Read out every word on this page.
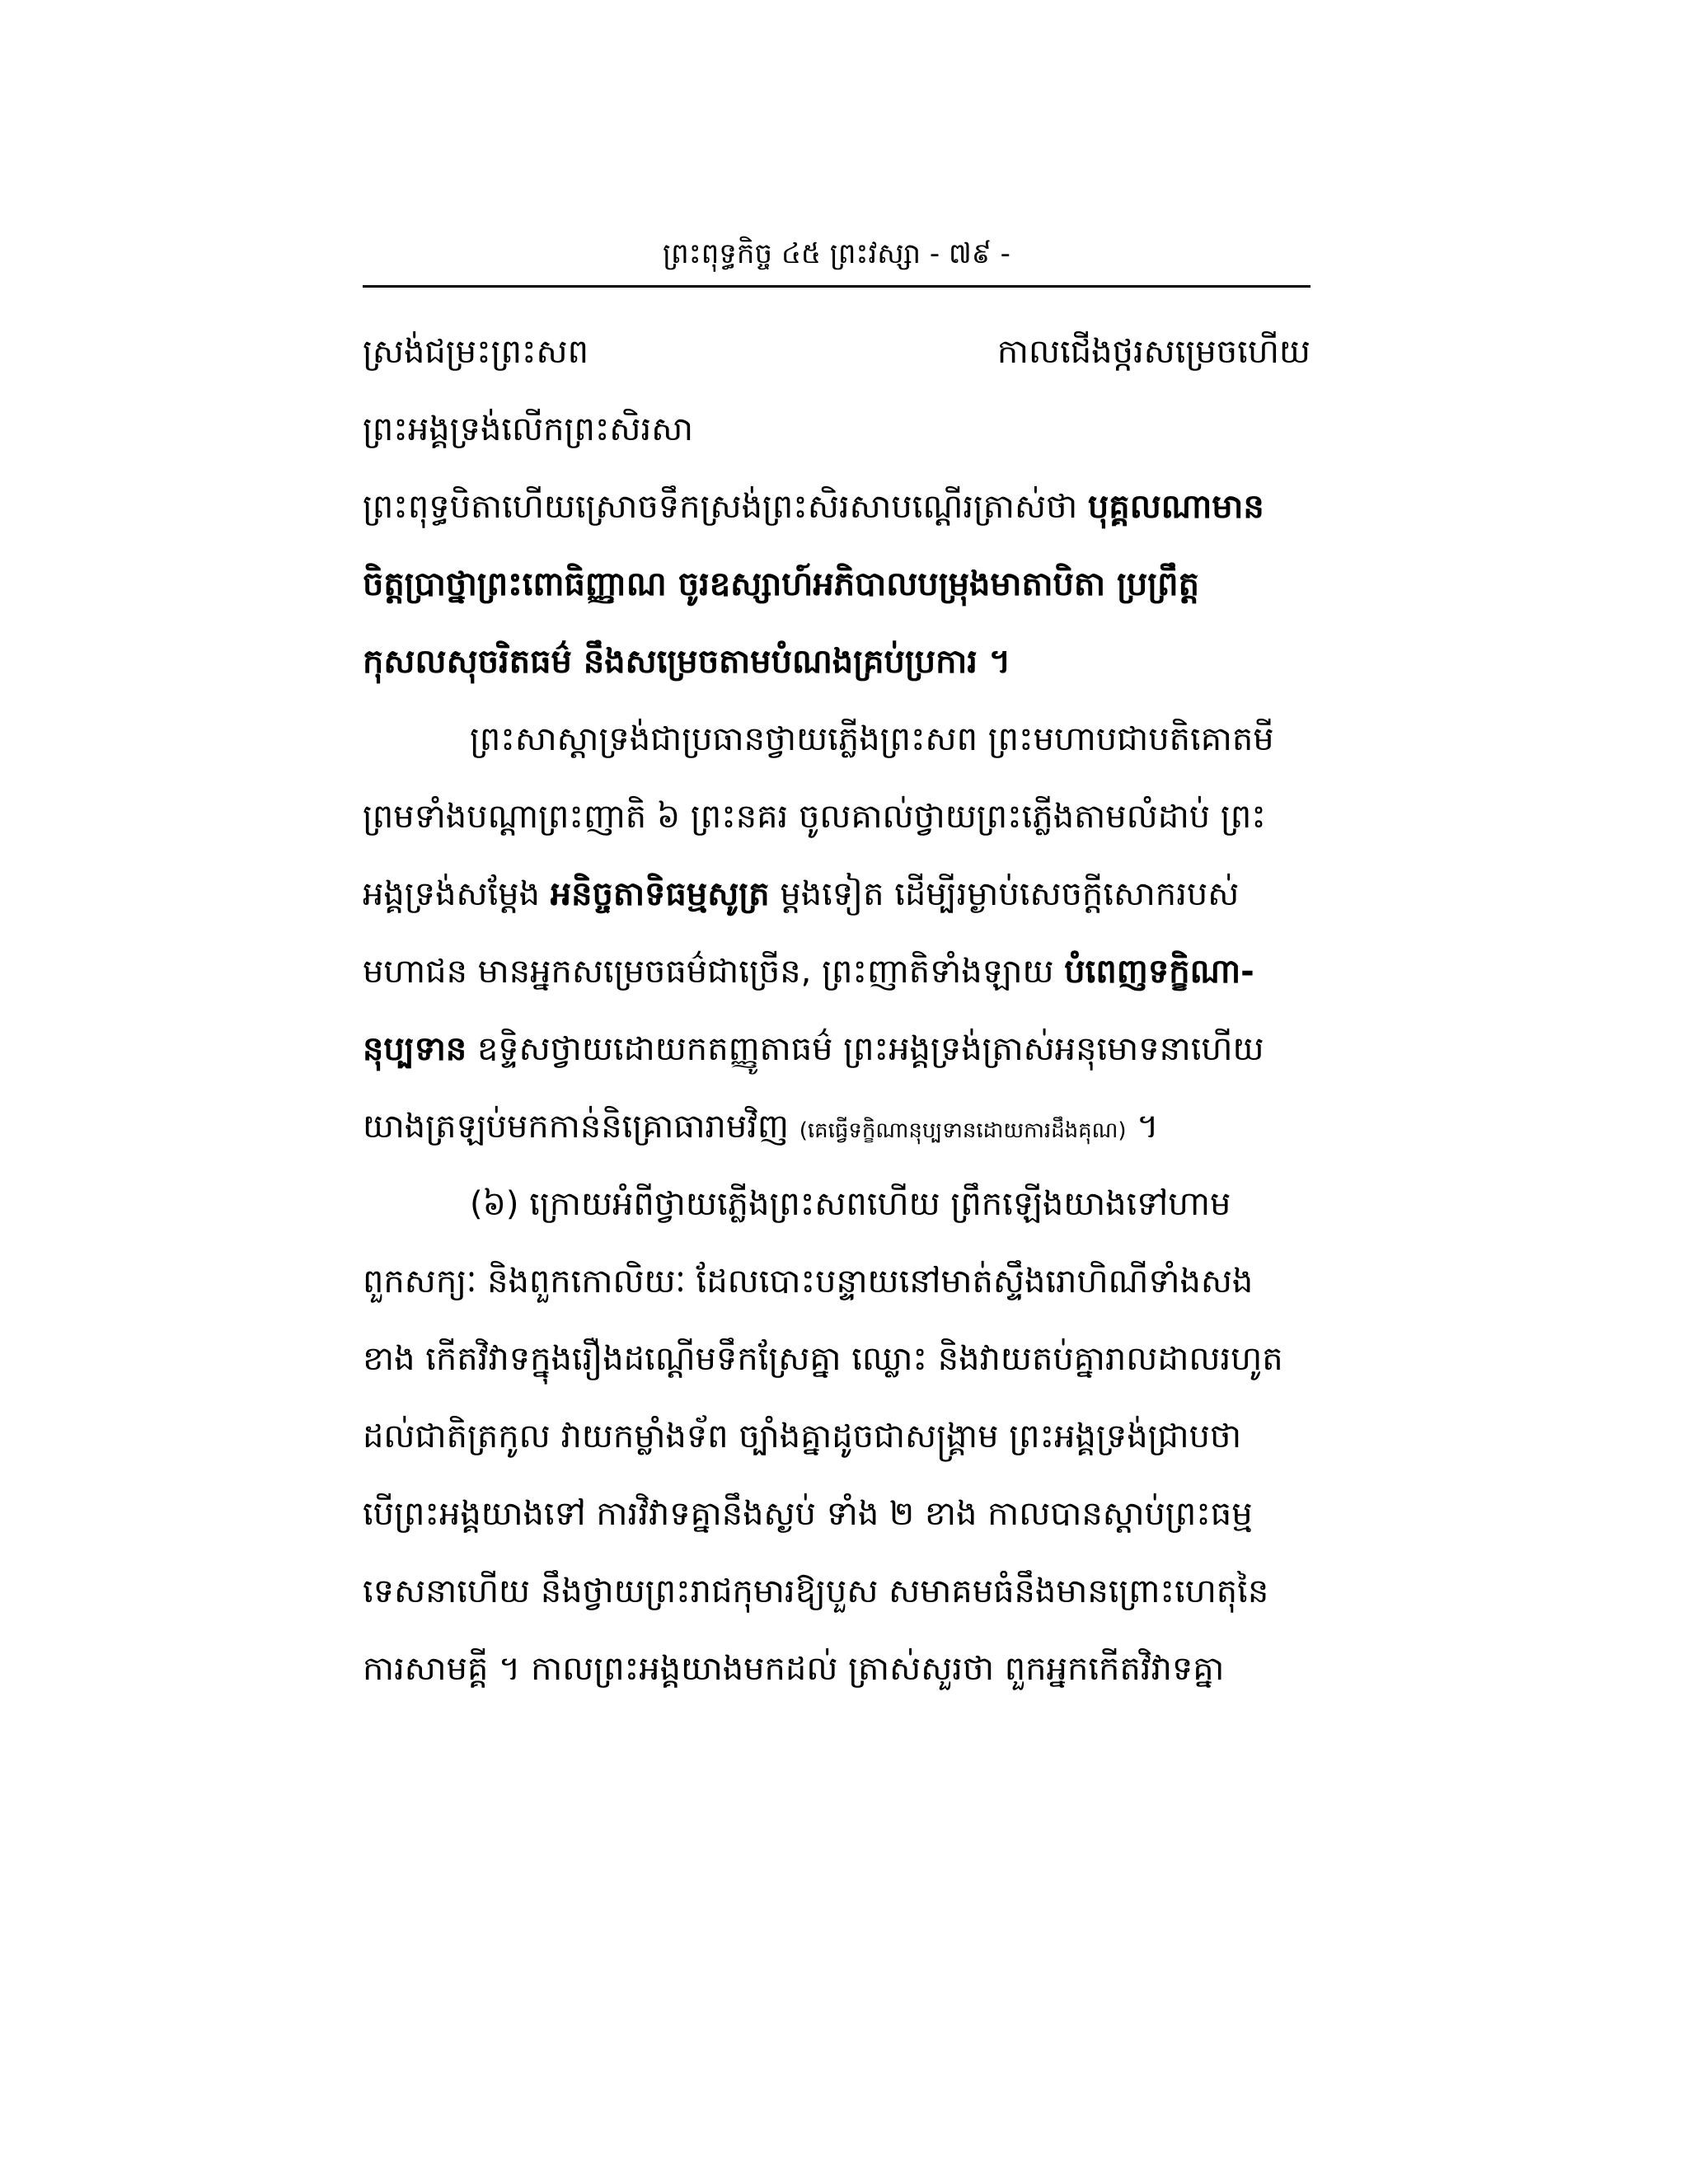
ព្រះពុទ្ធកិច្ច ៤៥ ព្រះវស្សា - ៧៩ -
ស្រង់ជម្រះព្រះសព	កាលជើងថ្ករសម្រេចហើយ
ព្រះអង្គទ្រង់លើកព្រះសិរសា
ព្រះពុទ្ធបិតាហើយស្រោចទឹកស្រង់ព្រះសិរសាបណ្ដើរត្រាស់ថា បុគ្គលណាមាន
ចិត្តប្រាថ្នាព្រះពោធិញ្ញាណ ចូរឧស្សាហ៍អភិបាលបម្រុងមាតាបិតា ប្រព្រឹត្ត
កុសលសុចរិតធម៌ នឹងសម្រេចតាមបំណងគ្រប់ប្រការ ។
ព្រះសាស្ដាទ្រង់ជាប្រធានថ្វាយភ្លើងព្រះសព ព្រះមហាបជាបតិគោតមី
ព្រមទាំងបណ្ដាព្រះញាតិ ៦ ព្រះនគរ ចូលគាល់ថ្វាយព្រះភ្លើងតាមលំដាប់ ព្រះ
អង្គទ្រង់សម្ដែង អនិច្ចតាទិធម្មសូត្រ ម្ដងទៀត ដើម្បីរម្ងាប់សេចក្ដីសោករបស់
មហាជន មានអ្នកសម្រេចធម៌ជាច្រើន, ព្រះញាតិទាំងឡាយ បំពេញទក្ខិណា-
នុប្បទាន ឧទ្ទិសថ្វាយដោយកតញ្ញូតាធម៌ ព្រះអង្គទ្រង់ត្រាស់អនុមោទនាហើយ
យាងត្រឡប់មកកាន់និគ្រោធារាមវិញ (គេធ្វើទក្ខិណានុប្បទានដោយការដឹងគុណ) ។
(៦) ក្រោយអំពីថ្វាយភ្លើងព្រះសពហើយ ព្រឹកឡើងយាងទៅហាម
ពួកសក្យៈ និងពួកកោលិយៈ ដែលបោះបន្ទាយនៅមាត់ស្ទឹងរោហិណីទាំងសង
ខាង កើតវិវាទក្នុងរឿងដណ្ដើមទឹកស្រែគ្នា ឈ្លោះ និងវាយតប់គ្នារាលដាលរហូត
ដល់ជាតិត្រកូល វាយកម្លាំងទ័ព ច្បាំងគ្នាដូចជាសង្គ្រាម ព្រះអង្គទ្រង់ជ្រាបថា
បើព្រះអង្គយាងទៅ ការវិវាទគ្នានឹងស្ងប់ ទាំង ២ ខាង កាលបានស្ដាប់ព្រះធម្ម
ទេសនាហើយ នឹងថ្វាយព្រះរាជកុមារឱ្យបួស សមាគមធំនឹងមានព្រោះហេតុនៃ
ការសាមគ្គី ។ កាលព្រះអង្គយាងមកដល់ ត្រាស់សួរថា ពួកអ្នកកើតវិវាទគ្នា
